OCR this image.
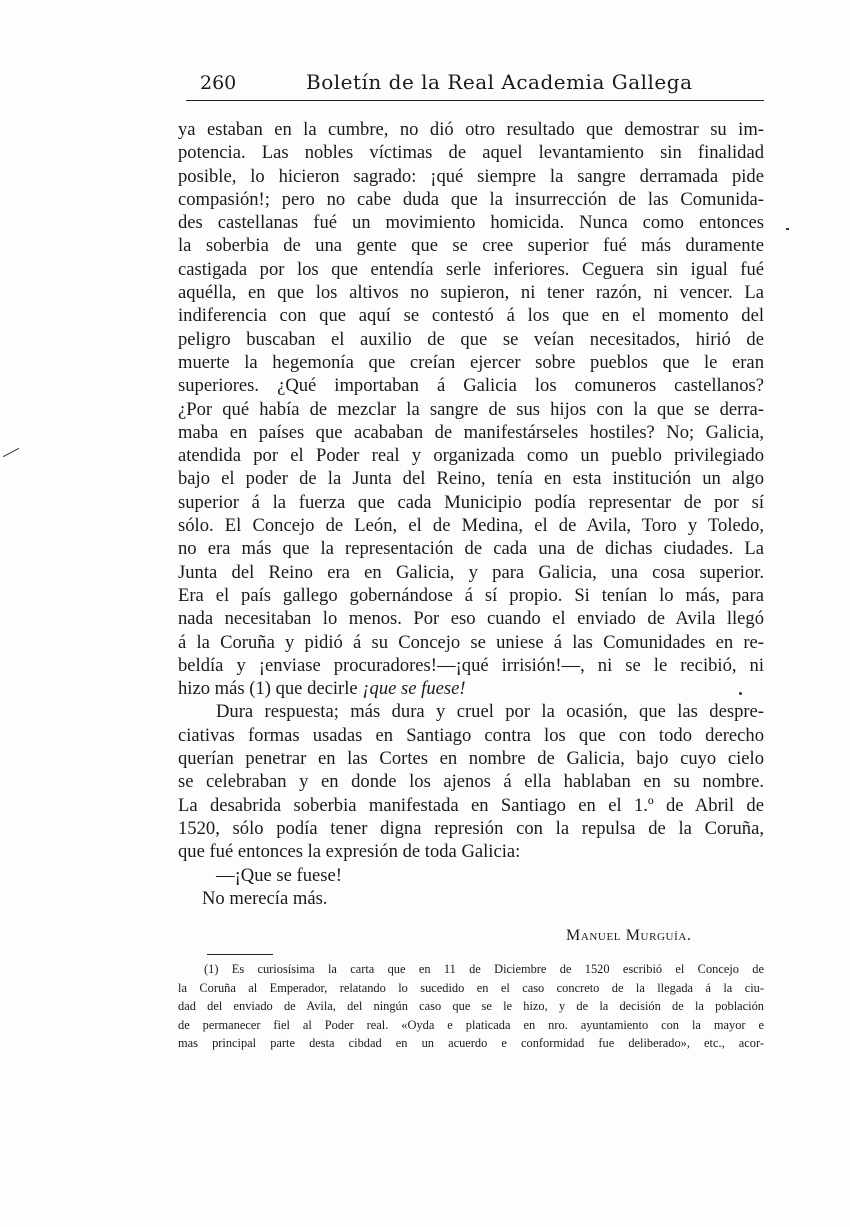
260	Boletín de la Real Academia Gallega
ya estaban en la cumbre, no dió otro resultado que demostrar su im-
potencia. Las nobles víctimas de aquel levantamiento sin finalidad
posible, lo hicieron sagrado: ¡qué siempre la sangre derramada pide
compasión!; pero no cabe duda que la insurrección de las Comunida-
des castellanas fué un movimiento homicida. Nunca como entonces
la soberbia de una gente que se cree superior fué más duramente
castigada por los que entendía serle inferiores. Ceguera sin igual fué
aquélla, en que los altivos no supieron, ni tener razón, ni vencer. La
indiferencia con que aquí se contestó á los que en el momento del
peligro buscaban el auxilio de que se veían necesitados, hirió de
muerte la hegemonía que creían ejercer sobre pueblos que le eran
superiores. ¿Qué importaban á Galicia los comuneros castellanos?
¿Por qué había de mezclar la sangre de sus hijos con la que se derra-
maba en países que acababan de manifestárseles hostiles? No; Galicia,
atendida por el Poder real y organizada como un pueblo privilegiado
bajo el poder de la Junta del Reino, tenía en esta institución un algo
superior á la fuerza que cada Municipio podía representar de por sí
sólo. El Concejo de León, el de Medina, el de Avila, Toro y Toledo,
no era más que la representación de cada una de dichas ciudades. La
Junta del Reino era en Galicia, y para Galicia, una cosa superior.
Era el país gallego gobernándose á sí propio. Si tenían lo más, para
nada necesitaban lo menos. Por eso cuando el enviado de Avila llegó
á la Coruña y pidió á su Concejo se uniese á las Comunidades en re-
beldía y ¡enviase procuradores!—¡qué irrisión!—, ni se le recibió, ni
hizo más (1) que decirle ¡que se fuese!
Dura respuesta; más dura y cruel por la ocasión, que las despre-
ciativas formas usadas en Santiago contra los que con todo derecho
querían penetrar en las Cortes en nombre de Galicia, bajo cuyo cielo
se celebraban y en donde los ajenos á ella hablaban en su nombre.
La desabrida soberbia manifestada en Santiago en el 1.º de Abril de
1520, sólo podía tener digna represión con la repulsa de la Coruña,
que fué entonces la expresión de toda Galicia:
—¡Que se fuese!
No merecía más.
Manuel Murguía.
(1) Es curiosísima la carta que en 11 de Diciembre de 1520 escribió el Concejo de
la Coruña al Emperador, relatando lo sucedido en el caso concreto de la llegada á la ciu-
dad del enviado de Avila, del ningún caso que se le hizo, y de la decisión de la población
de permanecer fiel al Poder real. «Oyda e platicada en nro. ayuntamiento con la mayor e
mas principal parte desta cibdad en un acuerdo e conformidad fue deliberado», etc., acor-
